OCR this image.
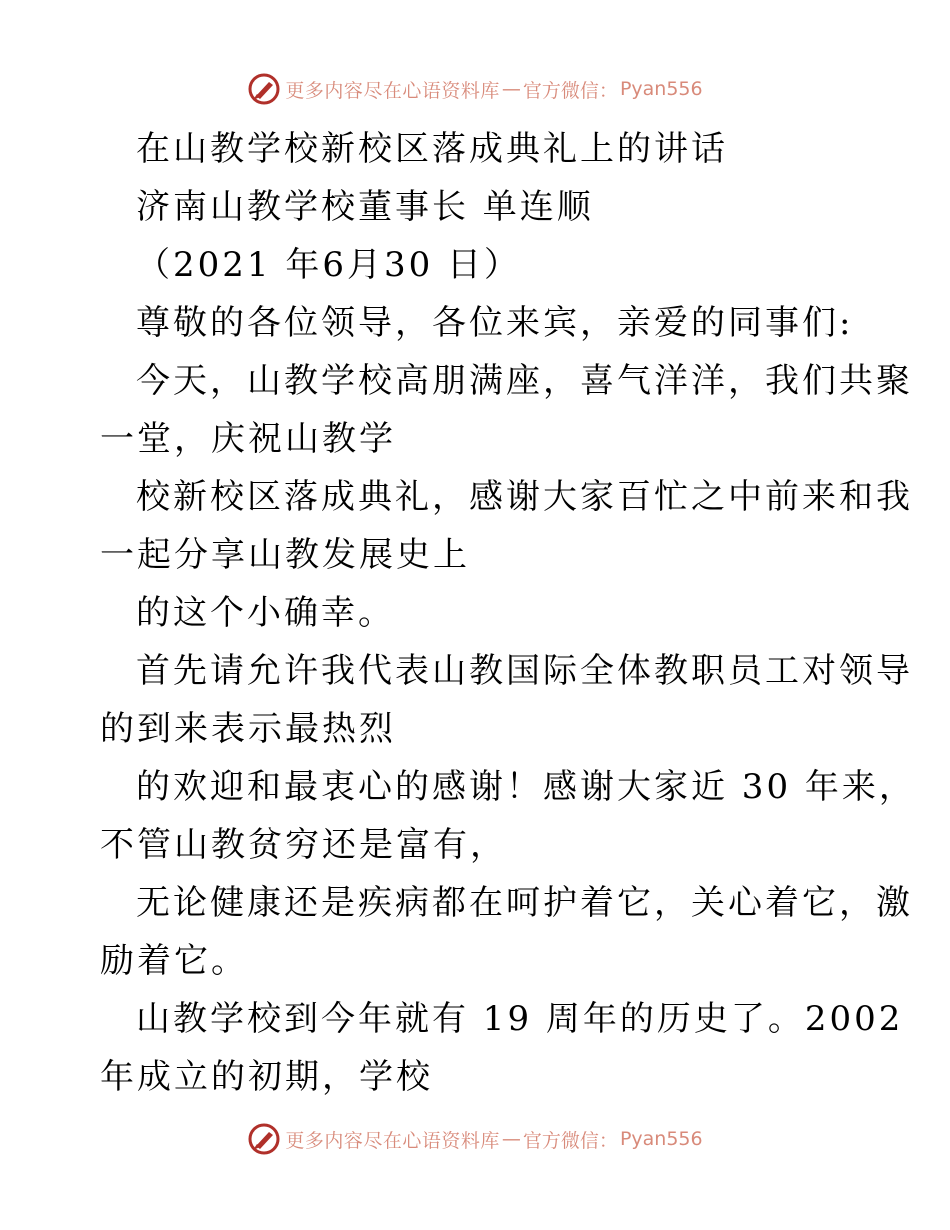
更多内容尽在心语资料库 — 官方微信： Pyan556
在山教学校新校区落成典礼上的讲话
济南山教学校董事长 单连顺
（2021 年6月30 日）
尊敬的各位领导，各位来宾，亲爱的同事们:
今天，山教学校高朋满座，喜气洋洋，我们共聚
一堂，庆祝山教学
校新校区落成典礼，感谢大家百忙之中前来和我
一起分享山教发展史上
的这个小确幸。
首先请允许我代表山教国际全体教职员工对领导
的到来表示最热烈
的欢迎和最衷心的感谢！感谢大家近 30 年来，
不管山教贫穷还是富有，
无论健康还是疾病都在呵护着它，关心着它，激
励着它。
山教学校到今年就有 19 周年的历史了。2002
年成立的初期，学校
更多内容尽在心语资料库 — 官方微信： Pyan556
